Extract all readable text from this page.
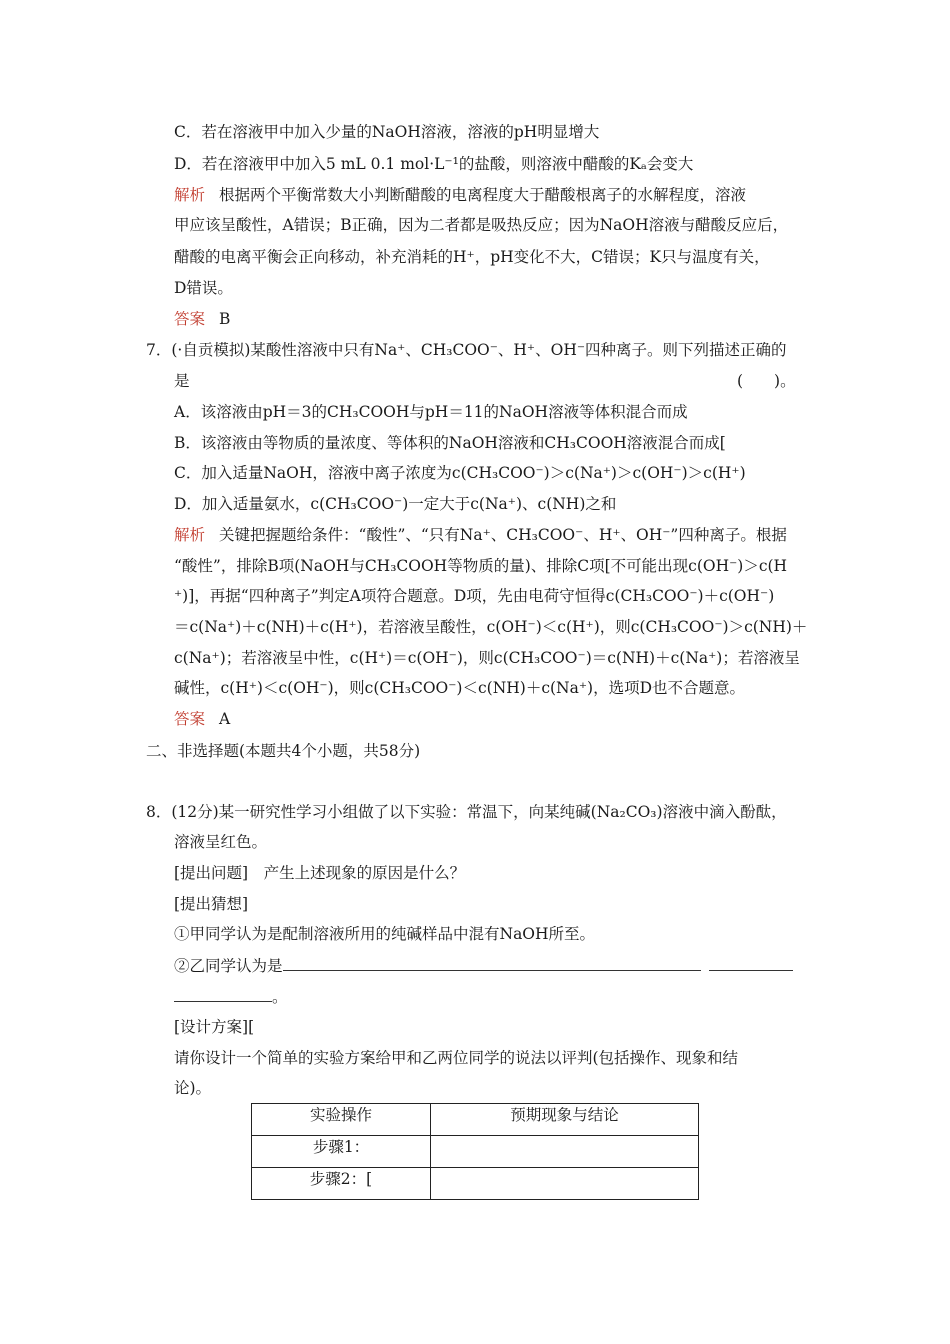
C．若在溶液甲中加入少量的NaOH溶液，溶液的pH明显增大
D．若在溶液甲中加入5 mL 0.1 mol·L⁻¹的盐酸，则溶液中醋酸的Kₐ会变大
解析 根据两个平衡常数大小判断醋酸的电离程度大于醋酸根离子的水解程度，溶液
甲应该呈酸性，A错误；B正确，因为二者都是吸热反应；因为NaOH溶液与醋酸反应后，
醋酸的电离平衡会正向移动，补充消耗的H⁺，pH变化不大，C错误；K只与温度有关，
D错误。
答案 B
7．(·自贡模拟)某酸性溶液中只有Na⁺、CH₃COO⁻、H⁺、OH⁻四种离子。则下列描述正确的
是	(　　)。
A．该溶液由pH＝3的CH₃COOH与pH＝11的NaOH溶液等体积混合而成
B．该溶液由等物质的量浓度、等体积的NaOH溶液和CH₃COOH溶液混合而成[
C．加入适量NaOH，溶液中离子浓度为c(CH₃COO⁻)＞c(Na⁺)＞c(OH⁻)＞c(H⁺)
D．加入适量氨水，c(CH₃COO⁻)一定大于c(Na⁺)、c(NH)之和
解析 关键把握题给条件：“酸性”、“只有Na⁺、CH₃COO⁻、H⁺、OH⁻”四种离子。根据
“酸性”，排除B项(NaOH与CH₃COOH等物质的量)、排除C项[不可能出现c(OH⁻)＞c(H
⁺)]，再据“四种离子”判定A项符合题意。D项，先由电荷守恒得c(CH₃COO⁻)＋c(OH⁻)
＝c(Na⁺)＋c(NH)＋c(H⁺)，若溶液呈酸性，c(OH⁻)＜c(H⁺)，则c(CH₃COO⁻)＞c(NH)＋
c(Na⁺)；若溶液呈中性，c(H⁺)＝c(OH⁻)，则c(CH₃COO⁻)＝c(NH)＋c(Na⁺)；若溶液呈
碱性，c(H⁺)＜c(OH⁻)，则c(CH₃COO⁻)＜c(NH)＋c(Na⁺)，选项D也不合题意。
答案 A
二、非选择题(本题共4个小题，共58分)
8．(12分)某一研究性学习小组做了以下实验：常温下，向某纯碱(Na₂CO₃)溶液中滴入酚酞，
溶液呈红色。
[提出问题]　产生上述现象的原因是什么？
[提出猜想]
①甲同学认为是配制溶液所用的纯碱样品中混有NaOH所至。
②乙同学认为是
。
[设计方案][
请你设计一个简单的实验方案给甲和乙两位同学的说法以评判(包括操作、现象和结
论)。
实验操作	预期现象与结论
步骤1：	
步骤2：[	
